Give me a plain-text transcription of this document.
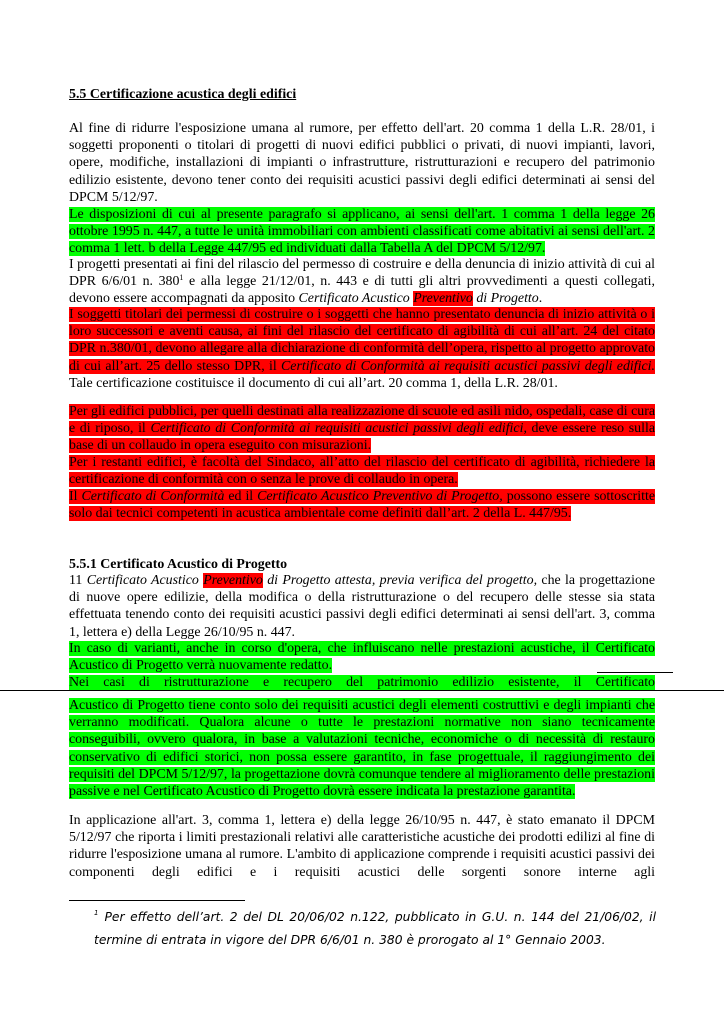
5.5 Certificazione acustica degli edifici

Al fine di ridurre l'esposizione umana al rumore, per effetto dell'art. 20 comma 1 della L.R. 28/01, i soggetti proponenti o titolari di progetti di nuovi edifici pubblici o privati, di nuovi impianti, lavori, opere, modifiche, installazioni di impianti o infrastrutture, ristrutturazioni e recupero del patrimonio edilizio esistente, devono tener conto dei requisiti acustici passivi degli edifici determinati ai sensi del DPCM 5/12/97.

Le disposizioni di cui al presente paragrafo si applicano, ai sensi dell'art. 1 comma 1 della legge 26 ottobre 1995 n. 447, a tutte le unità immobiliari con ambienti classificati come abitativi ai sensi dell'art. 2 comma 1 lett. b della Legge 447/95 ed individuati dalla Tabella A del DPCM 5/12/97.

I progetti presentati ai fini del rilascio del permesso di costruire e della denuncia di inizio attività di cui al DPR 6/6/01 n. $380^1$ e alla legge 21/12/01, n. 443 e di tutti gli altri provvedimenti a questi collegati, devono essere accompagnati da apposito Certificato Acustico Preventivo di Progetto.

I soggetti titolari dei permessi di costruire o i soggetti che hanno presentato denuncia di inizio attività o i loro successori e aventi causa, ai fini del rilascio del certificato di agibilità di cui all’art. 24 del citato DPR n.380/01, devono allegare alla dichiarazione di conformità dell’opera, rispetto al progetto approvato di cui all’art. 25 dello stesso DPR, il Certificato di Conformità ai requisiti acustici passivi degli edifici. Tale certificazione costituisce il documento di cui all’art. 20 comma 1, della L.R. 28/01.

Per gli edifici pubblici, per quelli destinati alla realizzazione di scuole ed asili nido, ospedali, case di cura e di riposo, il Certificato di Conformità ai requisiti acustici passivi degli edifici, deve essere reso sulla base di un collaudo in opera eseguito con misurazioni.

Per i restanti edifici, è facoltà del Sindaco, all’atto del rilascio del certificato di agibilità, richiedere la certificazione di conformità con o senza le prove di collaudo in opera.

Il Certificato di Conformità ed il Certificato Acustico Preventivo di Progetto, possono essere sottoscritte solo dai tecnici competenti in acustica ambientale come definiti dall’art. 2 della L. 447/95.

5.5.1 Certificato Acustico di Progetto

11 Certificato Acustico Preventivo di Progetto attesta, previa verifica del progetto, che la progettazione di nuove opere edilizie, della modifica o della ristrutturazione o del recupero delle stesse sia stata effettuata tenendo conto dei requisiti acustici passivi degli edifici determinati ai sensi dell'art. 3, comma 1, lettera e) della Legge 26/10/95 n. 447.

In caso di varianti, anche in corso d'opera, che influiscano nelle prestazioni acustiche, il Certificato Acustico di Progetto verrà nuovamente redatto.

Nei casi di ristrutturazione e recupero del patrimonio edilizio esistente, il Certificato

Acustico di Progetto tiene conto solo dei requisiti acustici degli elementi costruttivi e degli impianti che verranno modificati. Qualora alcune o tutte le prestazioni normative non siano tecnicamente conseguibili, ovvero qualora, in base a valutazioni tecniche, economiche o di necessità di restauro conservativo di edifici storici, non possa essere garantito, in fase progettuale, il raggiungimento dei requisiti del DPCM 5/12/97, la progettazione dovrà comunque tendere al miglioramento delle prestazioni passive e nel Certificato Acustico di Progetto dovrà essere indicata la prestazione garantita.

In applicazione all'art. 3, comma 1, lettera e) della legge 26/10/95 n. 447, è stato emanato il DPCM 5/12/97 che riporta i limiti prestazionali relativi alle caratteristiche acustiche dei prodotti edilizi al fine di ridurre l'esposizione umana al rumore. L'ambito di applicazione comprende i requisiti acustici passivi dei componenti degli edifici e i requisiti acustici delle sorgenti sonore interne agli

$^1$ Per effetto dell’art. 2 del DL 20/06/02 n.122, pubblicato in G.U. n. 144 del 21/06/02, il termine di entrata in vigore del DPR 6/6/01 n. 380 è prorogato al 1° Gennaio 2003.
